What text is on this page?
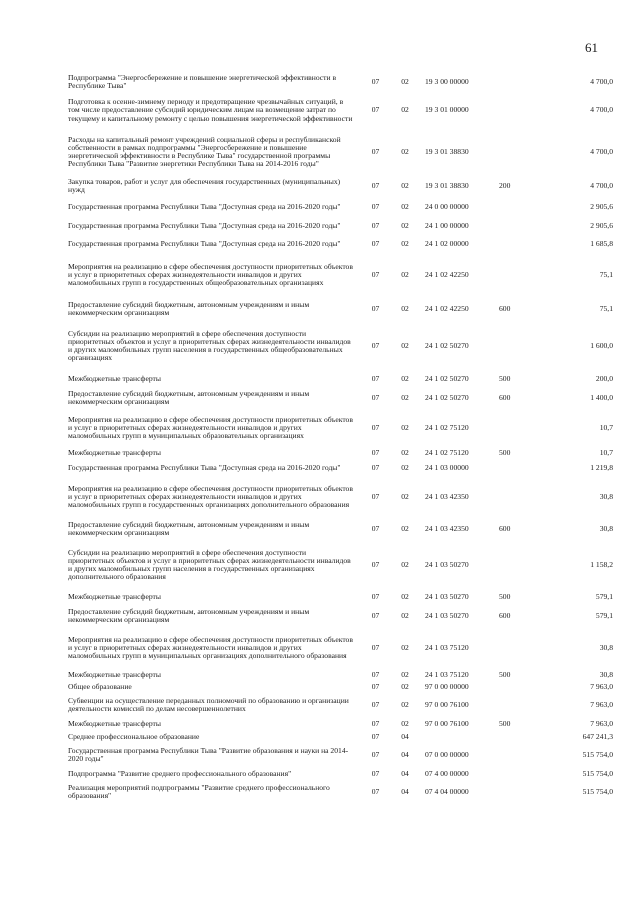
61
Подпрограмма "Энергосбережение и повышение энергетической эффективности в Республике Тыва"	07	02	19 3 00 00000		4 700,0
Подготовка к осенне-зимнему периоду и предотвращение чрезвычайных ситуаций, в том числе предоставление субсидий юридическим лицам на возмещение затрат по текущему и капитальному ремонту с целью повышения энергетической эффективности	07	02	19 3 01 00000		4 700,0
Расходы на капитальный ремонт учреждений социальной сферы и республиканской собственности в рамках подпрограммы "Энергосбережение и повышение энергетической эффективности в Республике Тыва" государственной программы Республики Тыва "Развитие энергетики Республики Тыва на 2014-2016 годы"	07	02	19 3 01 38830		4 700,0
Закупка товаров, работ и услуг для обеспечения государственных (муниципальных) нужд	07	02	19 3 01 38830	200	4 700,0
Государственная программа Республики Тыва "Доступная среда на 2016-2020 годы"	07	02	24 0 00 00000		2 905,6
Государственная программа Республики Тыва "Доступная среда на 2016-2020 годы"	07	02	24 1 00 00000		2 905,6
Государственная программа Республики Тыва "Доступная среда на 2016-2020 годы"	07	02	24 1 02 00000		1 685,8
Мероприятия на реализацию в сфере обеспечения доступности приоритетных объектов и услуг в приоритетных сферах жизнедеятельности инвалидов и других маломобильных групп в государственных общеобразовательных организациях	07	02	24 1 02 42250		75,1
Предоставление субсидий бюджетным, автономным учреждениям и иным некоммерческим организациям	07	02	24 1 02 42250	600	75,1
Субсидии на реализацию мероприятий в сфере обеспечения доступности приоритетных объектов и услуг в приоритетных сферах жизнедеятельности инвалидов и других маломобильных групп населения в государственных общеобразовательных организациях	07	02	24 1 02 50270		1 600,0
Межбюджетные трансферты	07	02	24 1 02 50270	500	200,0
Предоставление субсидий бюджетным, автономным учреждениям и иным некоммерческим организациям	07	02	24 1 02 50270	600	1 400,0
Мероприятия на реализацию в сфере обеспечения доступности приоритетных объектов и услуг в приоритетных сферах жизнедеятельности инвалидов и других маломобильных групп в муниципальных образовательных организациях	07	02	24 1 02 75120		10,7
Межбюджетные трансферты	07	02	24 1 02 75120	500	10,7
Государственная программа Республики Тыва "Доступная среда на 2016-2020 годы"	07	02	24 1 03 00000		1 219,8
Мероприятия на реализацию в сфере обеспечения доступности приоритетных объектов и услуг в приоритетных сферах жизнедеятельности инвалидов и других маломобильных групп в государственных организациях дополнительного образования	07	02	24 1 03 42350		30,8
Предоставление субсидий бюджетным, автономным учреждениям и иным некоммерческим организациям	07	02	24 1 03 42350	600	30,8
Субсидии на реализацию мероприятий в сфере обеспечения доступности приоритетных объектов и услуг в приоритетных сферах жизнедеятельности инвалидов и других маломобильных групп населения в государственных организациях дополнительного образования	07	02	24 1 03 50270		1 158,2
Межбюджетные трансферты	07	02	24 1 03 50270	500	579,1
Предоставление субсидий бюджетным, автономным учреждениям и иным некоммерческим организациям	07	02	24 1 03 50270	600	579,1
Мероприятия на реализацию в сфере обеспечения доступности приоритетных объектов и услуг в приоритетных сферах жизнедеятельности инвалидов и других маломобильных групп в муниципальных организациях дополнительного образования	07	02	24 1 03 75120		30,8
Межбюджетные трансферты	07	02	24 1 03 75120	500	30,8
Общее образование	07	02	97 0 00 00000		7 963,0
Субвенции на осуществление переданных полномочий по образованию и организации деятельности комиссий по делам несовершеннолетних	07	02	97 0 00 76100		7 963,0
Межбюджетные трансферты	07	02	97 0 00 76100	500	7 963,0
Среднее профессиональное образование	07	04			647 241,3
Государственная программа Республики Тыва "Развитие образования и науки на 2014-2020 годы"	07	04	07 0 00 00000		515 754,0
Подпрограмма "Развитие среднего профессионального образования"	07	04	07 4 00 00000		515 754,0
Реализация мероприятий подпрограммы "Развитие среднего профессионального образования"	07	04	07 4 04 00000		515 754,0
